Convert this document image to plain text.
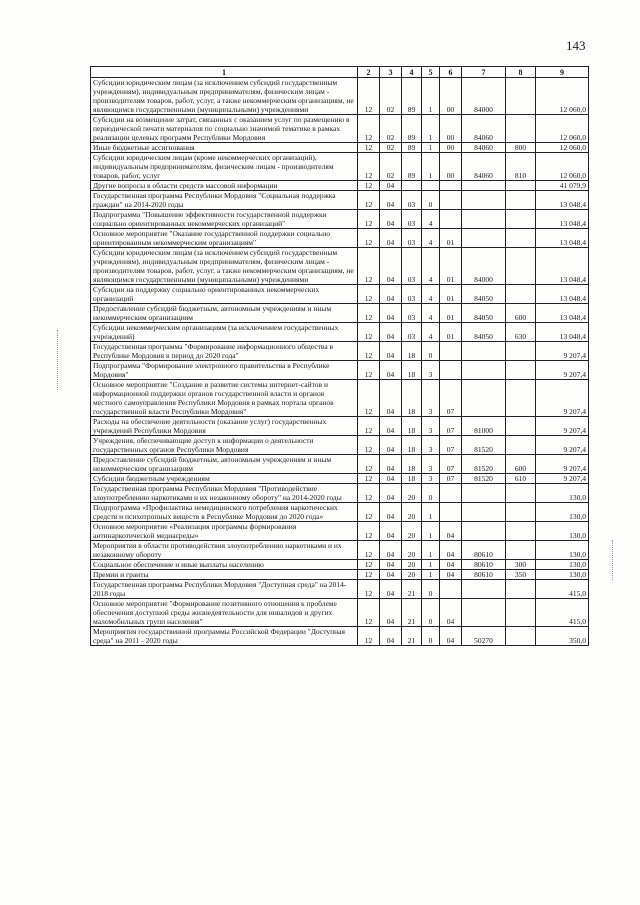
143
1	2	3	4	5	6	7	8	9
Субсидии юридическим лицам (за исключением субсидий государственным учреждениям), индивидуальным предпринимателям, физическим лицам - производителям товаров, работ, услуг, а также некоммерческим организациям, не являющимся государственными (муниципальными) учреждениями	12	02	89	1	00	84000		12 060,0
Субсидии на возмещение затрат, связанных с оказанием услуг по размещению в периодической печати материалов по социально значимой тематике в рамках реализации целевых программ Республики Мордовия	12	02	89	1	00	84060		12 060,0
Иные бюджетные ассигнования	12	02	89	1	00	84060	800	12 060,0
Субсидии юридическим лицам (кроме некоммерческих организаций), индивидуальным предпринимателям, физическим лицам - производителям товаров, работ, услуг	12	02	89	1	00	84060	810	12 060,0
Другие вопросы в области средств массовой информации	12	04						41 079,9
Государственная программа Республики Мордовия "Социальная поддержка граждан" на 2014-2020 годы	12	04	03	0				13 048,4
Подпрограмма "Повышение эффективности государственной поддержки социально ориентированных некоммерческих организаций"	12	04	03	4				13 048,4
Основное мероприятие "Оказание государственной поддержки социально ориентированным некоммерческим организациям"	12	04	03	4	01			13 048,4
Субсидии юридическим лицам (за исключением субсидий государственным учреждениям), индивидуальным предпринимателям, физическим лицам - производителям товаров, работ, услуг, а также некоммерческим организациям, не являющимся государственными (муниципальными) учреждениями	12	04	03	4	01	84000		13 048,4
Субсидии на поддержку социально ориентированных некоммерческих организаций	12	04	03	4	01	84050		13 048,4
Предоставление субсидий бюджетным, автономным учреждениям и иным некоммерческим организациям	12	04	03	4	01	84050	600	13 048,4
Субсидии некоммерческим организациям (за исключением государственных учреждений)	12	04	03	4	01	84050	630	13 048,4
Государственная программа "Формирование информационного общества в Республике Мордовия в период до 2020 года"	12	04	18	0				9 207,4
Подпрограмма "Формирование электронного правительства в Республике Мордовия"	12	04	18	3				9 207,4
Основное мероприятие "Создание и развитие системы интернет-сайтов и информационной поддержки органов государственной власти и органов местного самоуправления Республики Мордовия в рамках портала органов государственной власти Республики Мордовия"	12	04	18	3	07			9 207,4
Расходы на обеспечение деятельности (оказание услуг) государственных учреждений Республики Мордовия	12	04	18	3	07	81000		9 207,4
Учреждения, обеспечивающие доступ к информации о деятельности государственных органов Республики Мордовия	12	04	18	3	07	81520		9 207,4
Предоставление субсидий бюджетным, автономным учреждениям и иным некоммерческим организациям	12	04	18	3	07	81520	600	9 207,4
Субсидии бюджетным учреждениям	12	04	18	3	07	81520	610	9 207,4
Государственная программа Республики Мордовия "Противодействие злоупотреблению наркотиками и их незаконному обороту" на 2014-2020 годы	12	04	20	0				130,0
Подпрограмма «Профилактика немедицинского потребления наркотических средств и психотропных веществ в Республике Мордовия до 2020 года»	12	04	20	1				130,0
Основное мероприятие «Реализация программы формирования антинаркотической медиасреды»	12	04	20	1	04			130,0
Мероприятия в области противодействия злоупотреблению наркотиками и их незаконному обороту	12	04	20	1	04	80610		130,0
Социальное обеспечение и иные выплаты населению	12	04	20	1	04	80610	300	130,0
Премии и гранты	12	04	20	1	04	80610	350	130,0
Государственная программа Республики Мордовия "Доступная среда" на 2014-2018 годы	12	04	21	0				415,0
Основное мероприятие "Формирование позитивного отношения к проблеме обеспечения доступной среды жизнедеятельности для инвалидов и других маломобильных групп населения"	12	04	21	0	04			415,0
Мероприятия государственной программы Российской Федерации "Доступная среда" на 2011 - 2020 годы	12	04	21	0	04	50270		350,0
